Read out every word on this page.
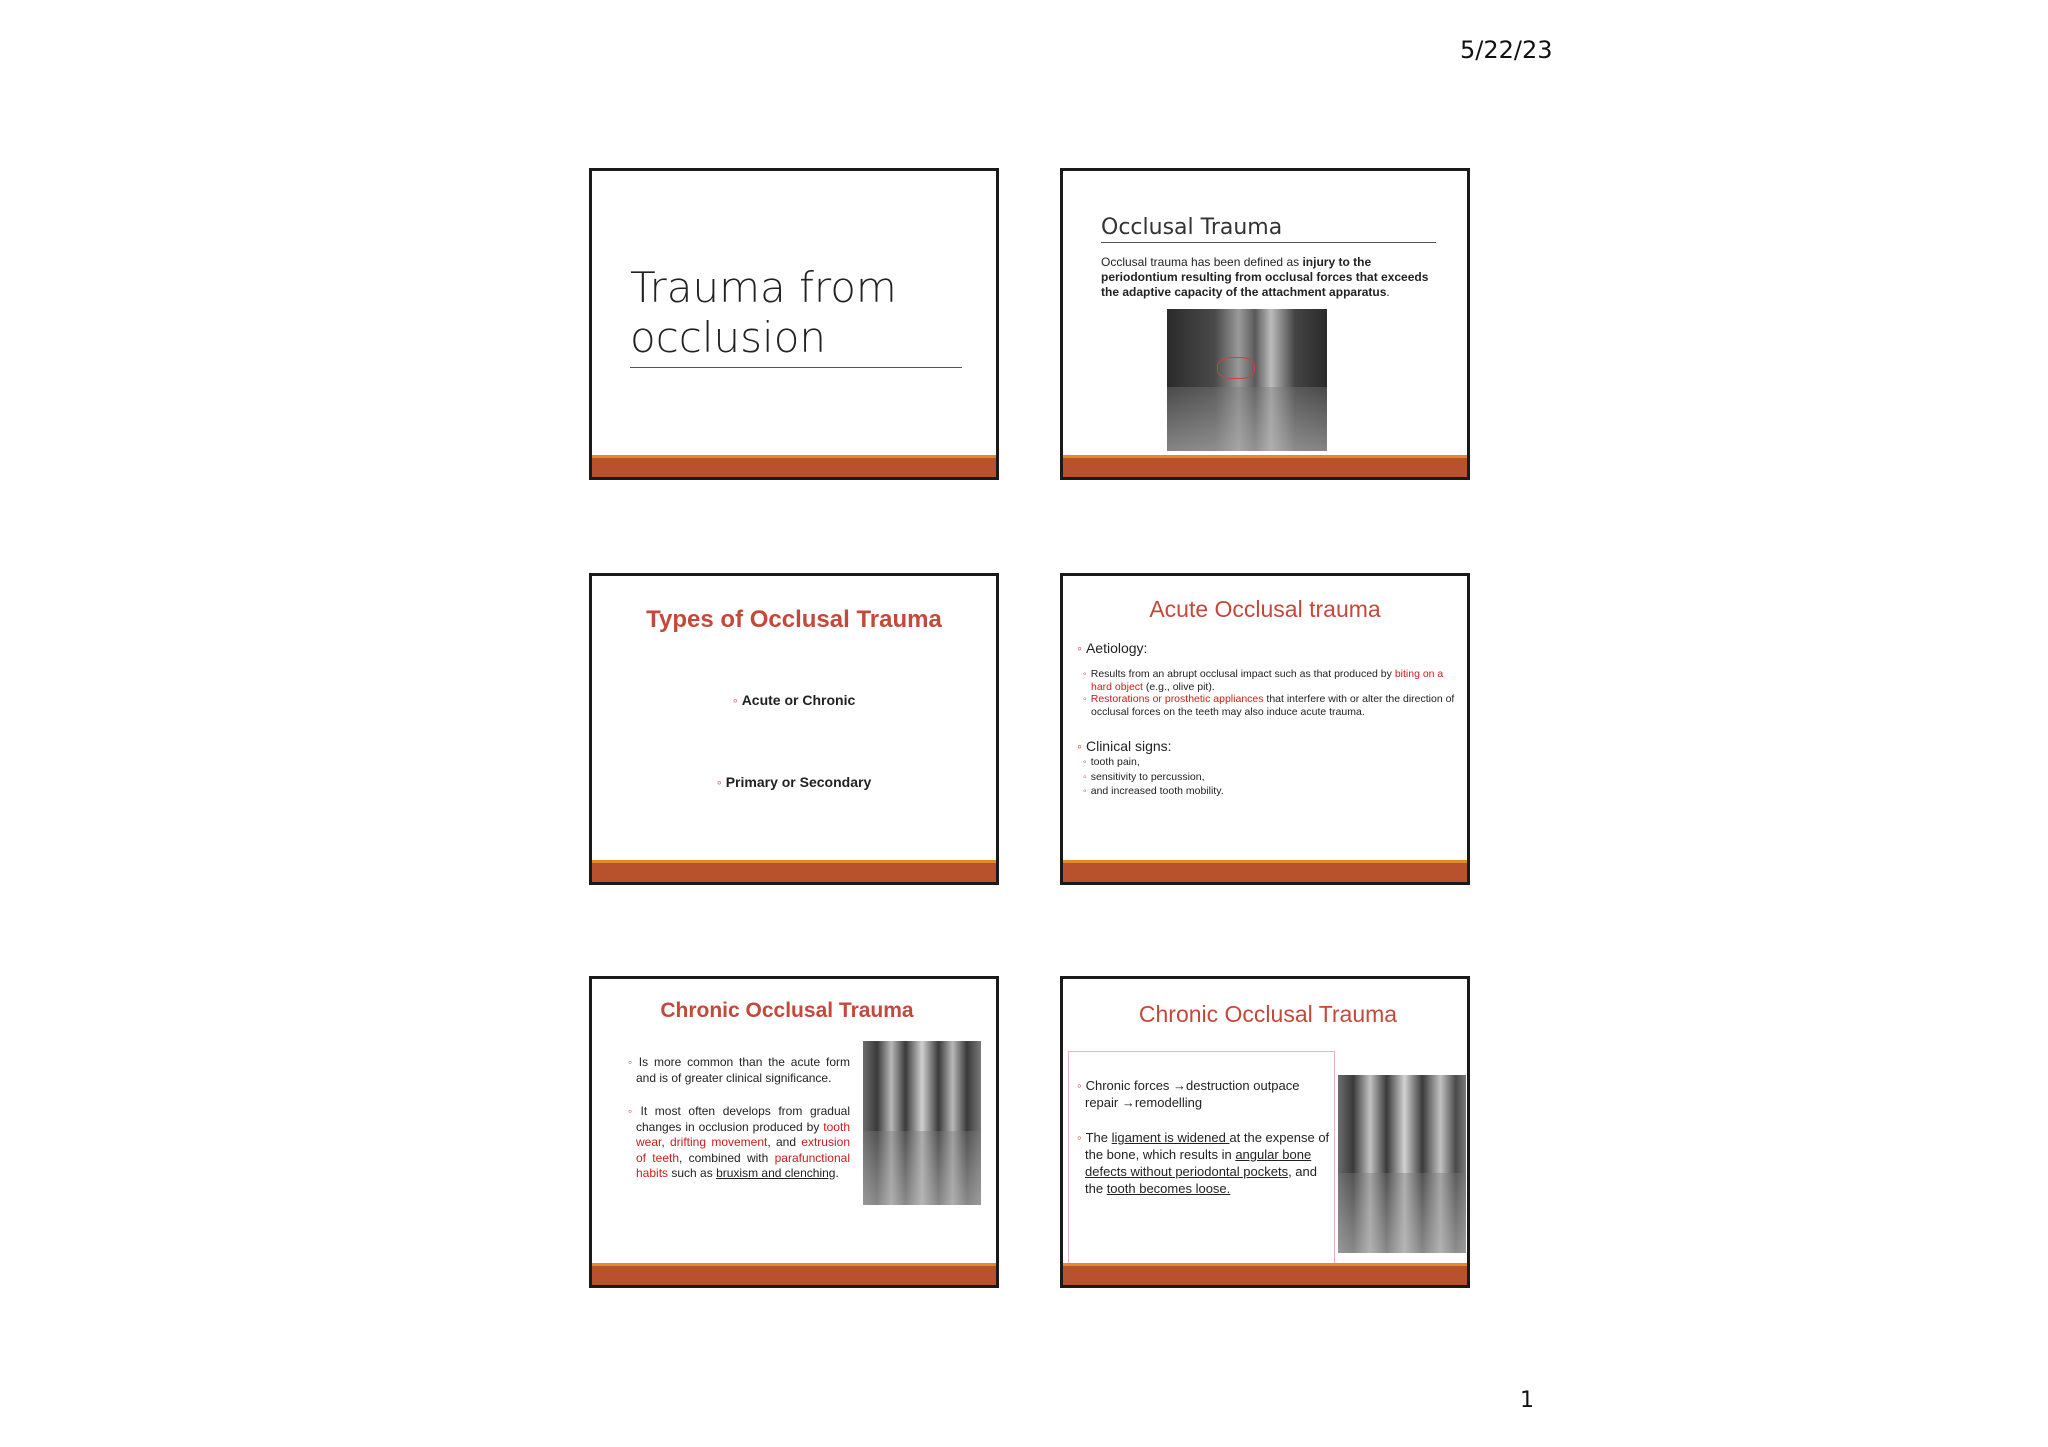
5/22/23
Trauma from
occlusion
Occlusal Trauma
Occlusal trauma has been defined as injury to the periodontium resulting from occlusal forces that exceeds the adaptive capacity of the attachment apparatus.
Types of Occlusal Trauma
◦ Acute or Chronic
◦ Primary or Secondary
Acute Occlusal trauma
◦ Aetiology:
◦ Results from an abrupt occlusal impact such as that produced by biting on a hard object (e.g., olive pit).
◦ Restorations or prosthetic appliances that interfere with or alter the direction of occlusal forces on the teeth may also induce acute trauma.
◦ Clinical signs:
◦ tooth pain,
◦ sensitivity to percussion,
◦ and increased tooth mobility.
Chronic Occlusal Trauma

◦ Is more common than the acute form and is of greater clinical significance.

◦ It most often develops from gradual changes in occlusion produced by tooth wear, drifting movement, and extrusion of teeth, combined with parafunctional habits such as bruxism and clenching.

Chronic Occlusal Trauma

◦ Chronic forces →destruction outpace repair →remodelling

◦ The ligament is widened at the expense of the bone, which results in angular bone defects without periodontal pockets, and the tooth becomes loose.

1
